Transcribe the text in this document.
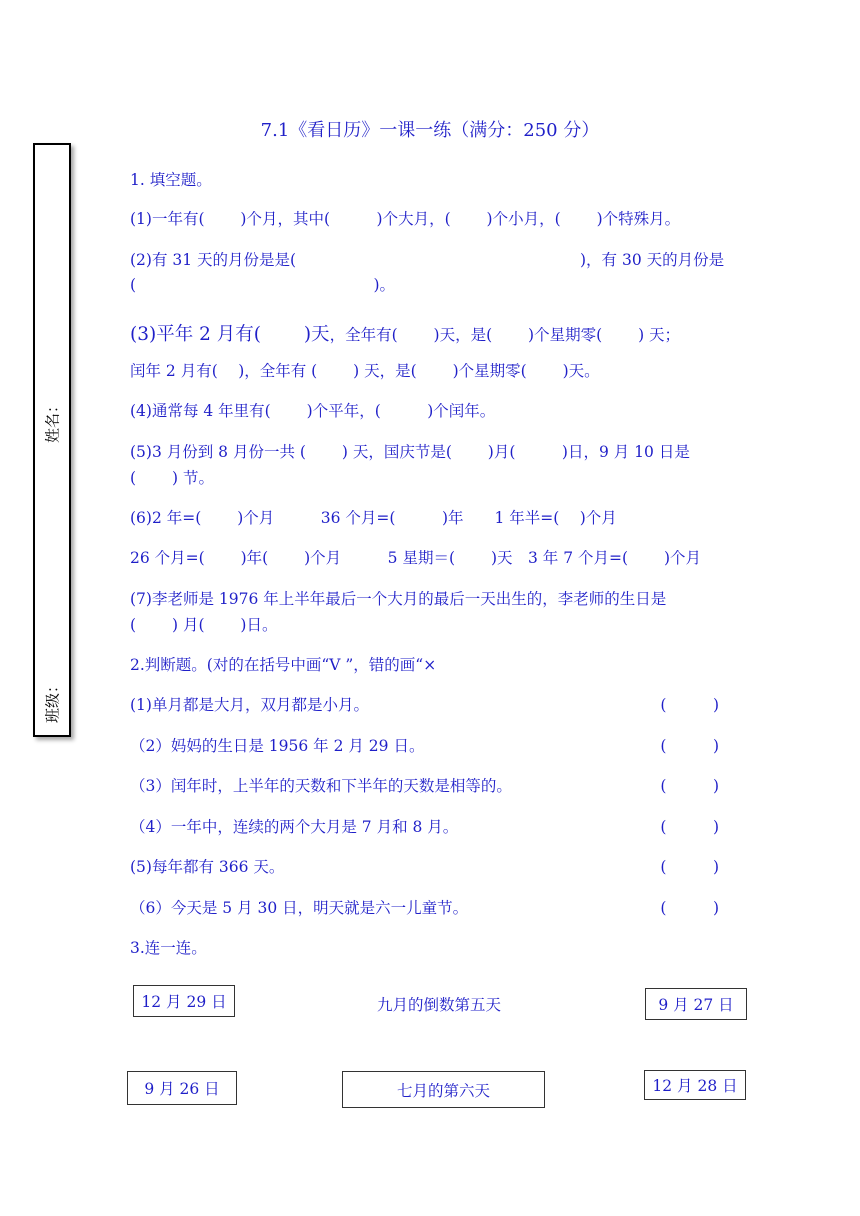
7.1《看日历》一课一练（满分：250 分）
姓名：
班级：
1. 填空题。
(1)一年有(　　 )个月，其中(　　　)个大月，(　　 )个小月，(　　 )个特殊月。
(2)有 31 天的月份是是(　　　　　　　　　　　　　　　　　　 )，有 30 天的月份是
(　　　　　　　　　　　　　　　 )。
(3)平年 2 月有(　　 )天，全年有(　　 )天，是(　　 )个星期零(　　 ) 天；
闰年 2 月有(　 )，全年有 (　　 ) 天，是(　　 )个星期零(　　 )天。
(4)通常每 4 年里有(　　 )个平年，(　　　)个闰年。
(5)3 月份到 8 月份一共 (　　 ) 天，国庆节是(　　 )月(　　　)日，9 月 10 日是
(　　 ) 节。
(6)2 年=(　　 )个月　　　36 个月=(　　　)年　　1 年半=(　 )个月
26 个月=(　　 )年(　　 )个月　　　5 星期＝(　　 )天　3 年 7 个月=(　　 )个月
(7)李老师是 1976 年上半年最后一个大月的最后一天出生的，李老师的生日是
(　　 ) 月(　　 )日。
2.判断题。(对的在括号中画“V ”，错的画“×
(1)单月都是大月，双月都是小月。	(　　　)
（2）妈妈的生日是 1956 年 2 月 29 日。	(　　　)
（3）闰年时，上半年的天数和下半年的天数是相等的。	(　　　)
（4）一年中，连续的两个大月是 7 月和 8 月。	(　　　)
(5)每年都有 366 天。	(　　　)
（6）今天是 5 月 30 日，明天就是六一儿童节。	(　　　)
3.连一连。
12 月 29 日	九月的倒数第五天	9 月 27 日
9 月 26 日	七月的第六天	12 月 28 日
